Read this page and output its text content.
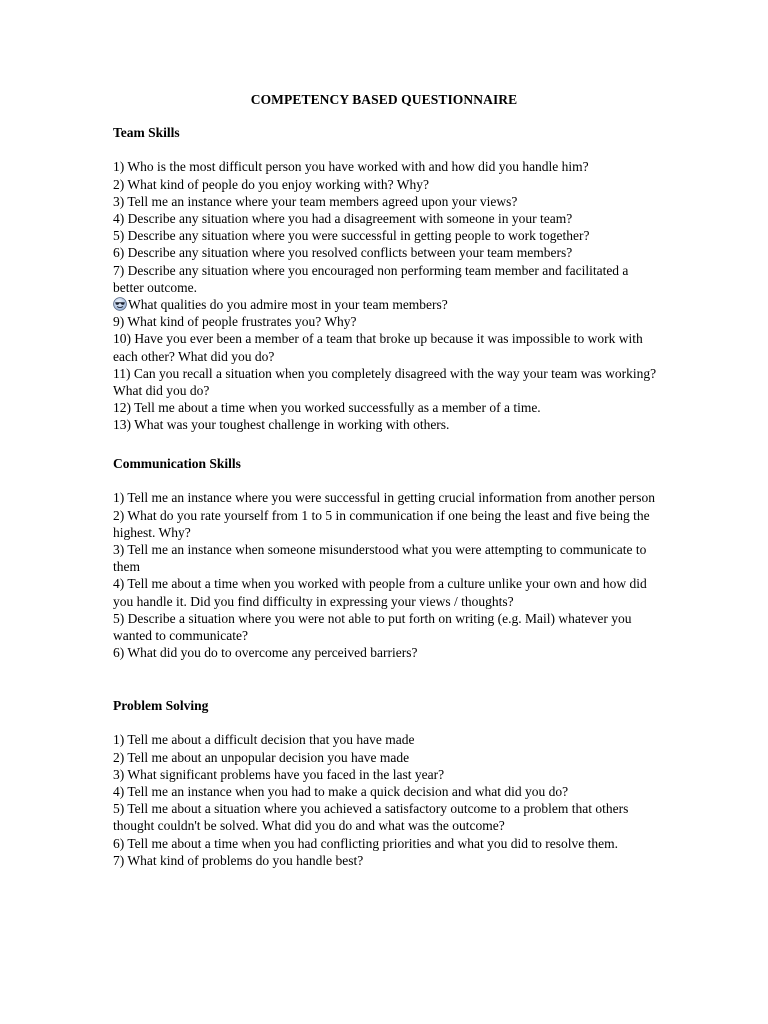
COMPETENCY BASED QUESTIONNAIRE
Team Skills
1) Who is the most difficult person you have worked with and how did you handle him?
2) What kind of people do you enjoy working with? Why?
3) Tell me an instance where your team members agreed upon your views?
4) Describe any situation where you had a disagreement with someone in your team?
5) Describe any situation where you were successful in getting people to work together?
6) Describe any situation where you resolved conflicts between your team members?
7) Describe any situation where you encouraged non performing team member and facilitated a better outcome.
What qualities do you admire most in your team members?
9) What kind of people frustrates you? Why?
10) Have you ever been a member of a team that broke up because it was impossible to work with each other? What did you do?
11) Can you recall a situation when you completely disagreed with the way your team was working? What did you do?
12) Tell me about a time when you worked successfully as a member of a time.
13) What was your toughest challenge in working with others.
Communication Skills
1) Tell me an instance where you were successful in getting crucial information from another person
2) What do you rate yourself from 1 to 5 in communication if one being the least and five being the highest. Why?
3) Tell me an instance when someone misunderstood what you were attempting to communicate to them
4) Tell me about a time when you worked with people from a culture unlike your own and how did you handle it. Did you find difficulty in expressing your views / thoughts?
5) Describe a situation where you were not able to put forth on writing (e.g. Mail) whatever you wanted to communicate?
6) What did you do to overcome any perceived barriers?
Problem Solving
1) Tell me about a difficult decision that you have made
2) Tell me about an unpopular decision you have made
3) What significant problems have you faced in the last year?
4) Tell me an instance when you had to make a quick decision and what did you do?
5) Tell me about a situation where you achieved a satisfactory outcome to a problem that others thought couldn't be solved. What did you do and what was the outcome?
6) Tell me about a time when you had conflicting priorities and what you did to resolve them.
7) What kind of problems do you handle best?
